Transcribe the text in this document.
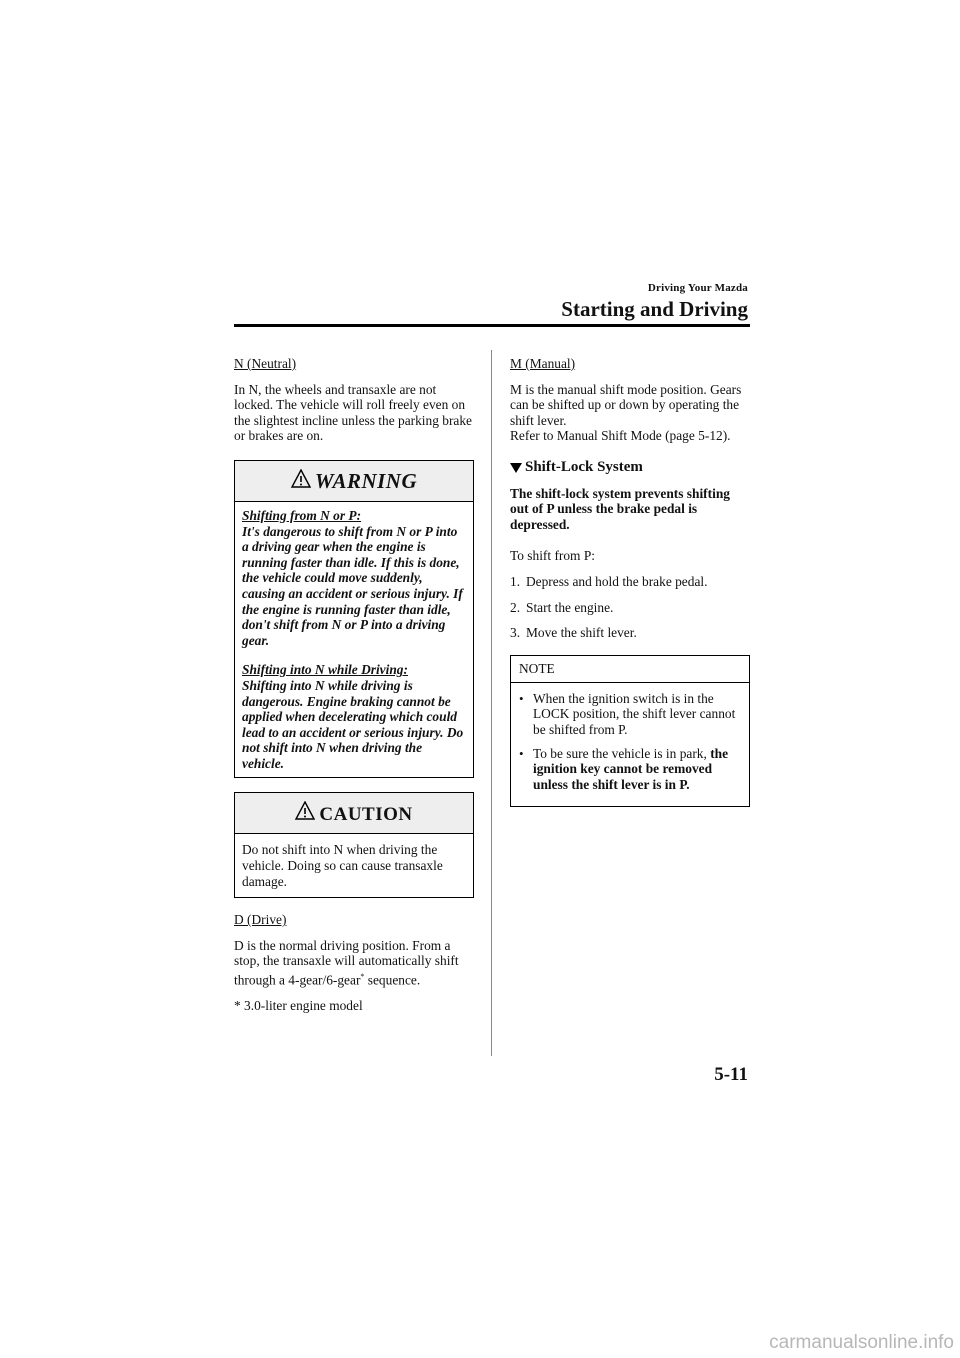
Driving Your Mazda
Starting and Driving
N (Neutral)

In N, the wheels and transaxle are not locked. The vehicle will roll freely even on the slightest incline unless the parking brake or brakes are on.

WARNING
Shifting from N or P:
It's dangerous to shift from N or P into a driving gear when the engine is running faster than idle. If this is done, the vehicle could move suddenly, causing an accident or serious injury. If the engine is running faster than idle, don't shift from N or P into a driving gear.
Shifting into N while Driving:
Shifting into N while driving is dangerous. Engine braking cannot be applied when decelerating which could lead to an accident or serious injury. Do not shift into N when driving the vehicle.
CAUTION
Do not shift into N when driving the vehicle. Doing so can cause transaxle damage.
D (Drive)

D is the normal driving position. From a stop, the transaxle will automatically shift through a 4-gear/6-gear* sequence.

* 3.0-liter engine model

M (Manual)

M is the manual shift mode position. Gears can be shifted up or down by operating the shift lever.
Refer to Manual Shift Mode (page 5-12).

Shift-Lock System

The shift-lock system prevents shifting out of P unless the brake pedal is depressed.

To shift from P:

1. Depress and hold the brake pedal.
2. Start the engine.
3. Move the shift lever.
NOTE
• When the ignition switch is in the LOCK position, the shift lever cannot be shifted from P.
• To be sure the vehicle is in park, the ignition key cannot be removed unless the shift lever is in P.
5-11
carmanualsonline.info
